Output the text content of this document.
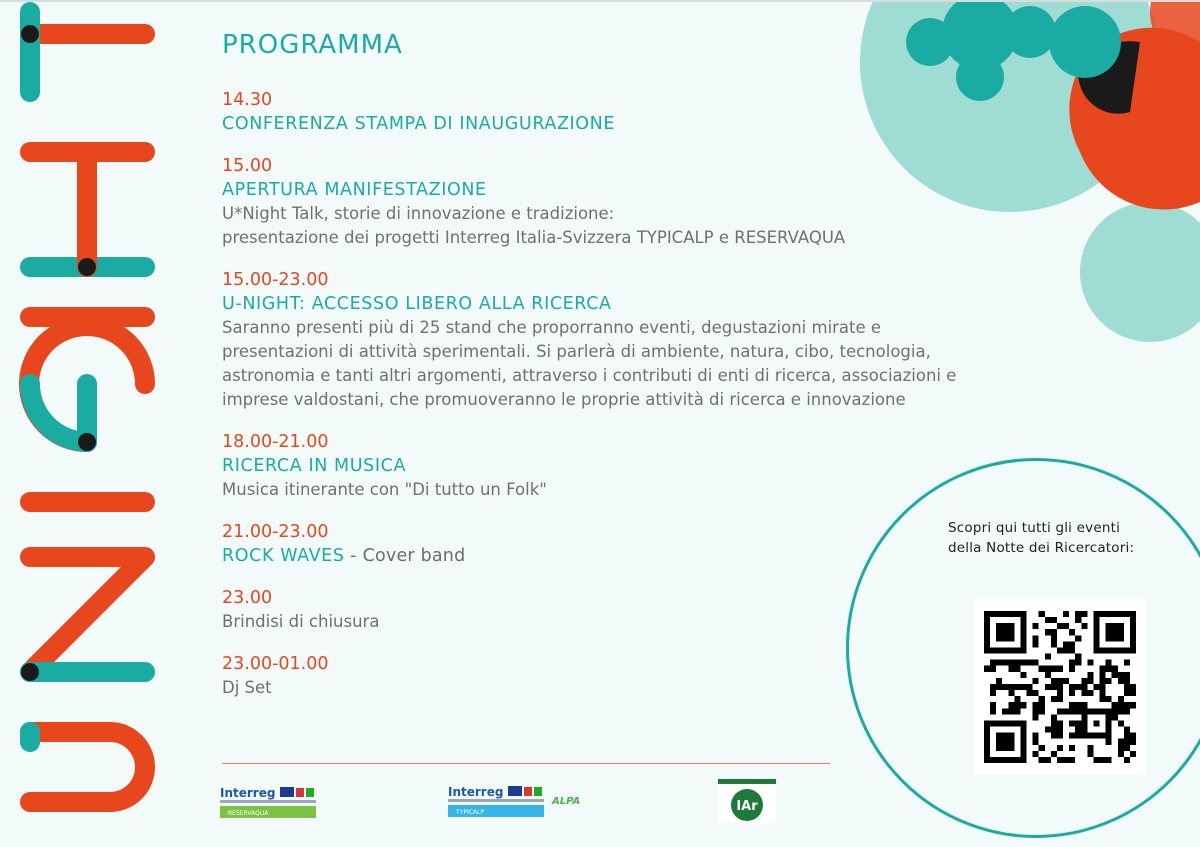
PROGRAMMA
14.30
CONFERENZA STAMPA DI INAUGURAZIONE
15.00
APERTURA MANIFESTAZIONE
U*Night Talk, storie di innovazione e tradizione:
presentazione dei progetti Interreg Italia-Svizzera TYPICALP e RESERVAQUA
15.00-23.00
U-NIGHT: ACCESSO LIBERO ALLA RICERCA
Saranno presenti più di 25 stand che proporranno eventi, degustazioni mirate e
presentazioni di attività sperimentali. Si parlerà di ambiente, natura, cibo, tecnologia,
astronomia e tanti altri argomenti, attraverso i contributi di enti di ricerca, associazioni e
imprese valdostani, che promuoveranno le proprie attività di ricerca e innovazione
18.00-21.00
RICERCA IN MUSICA
Musica itinerante con "Di tutto un Folk"
21.00-23.00
ROCK WAVES - Cover band
23.00
Brindisi di chiusura
23.00-01.00
Dj Set
Interreg
RESERVAQUA
Interreg
TYPICALP
ALPA	IAr
Scopri qui tutti gli eventi
della Notte dei Ricercatori:
